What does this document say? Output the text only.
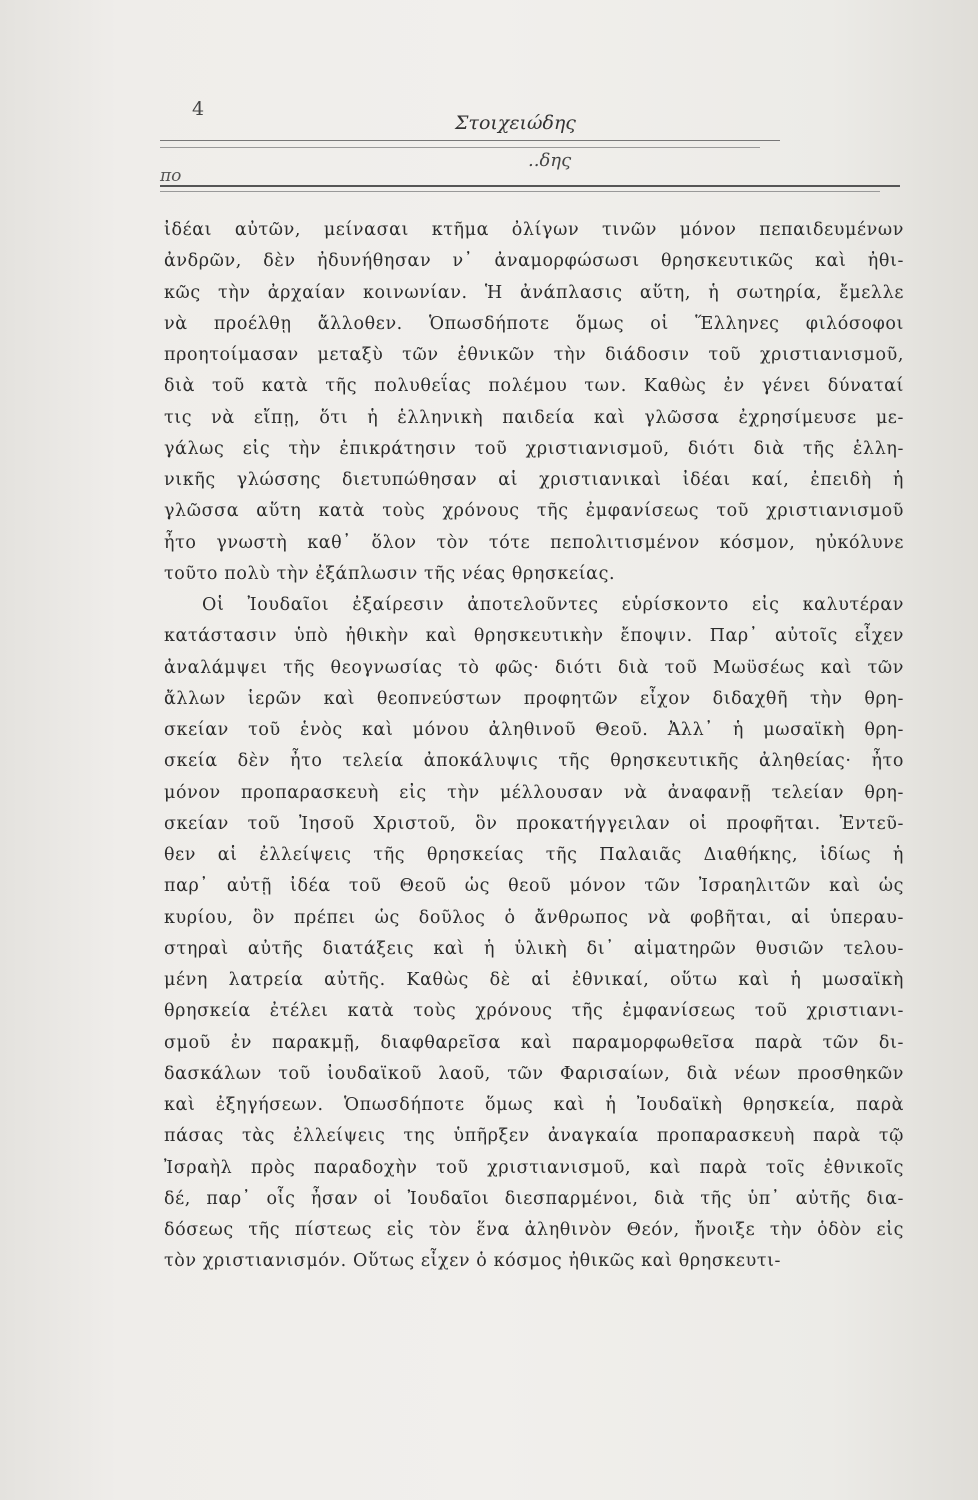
4
Στοιχειώδης
..δης
πο
ἰδέαι αὐτῶν, μείνασαι κτῆμα ὀλίγων τινῶν μόνον πεπαιδευμένων
ἀνδρῶν, δὲν ἠδυνήθησαν ν᾽ ἀναμορφώσωσι θρησκευτικῶς καὶ ἠθι-
κῶς τὴν ἀρχαίαν κοινωνίαν. Ἡ ἀνάπλασις αὕτη, ἡ σωτηρία, ἔμελλε
νὰ προέλθῃ ἄλλοθεν. Ὁπωσδήποτε ὅμως οἱ Ἕλληνες φιλόσοφοι
προητοίμασαν μεταξὺ τῶν ἐθνικῶν τὴν διάδοσιν τοῦ χριστιανισμοῦ,
διὰ τοῦ κατὰ τῆς πολυθεΐας πολέμου των. Καθὼς ἐν γένει δύναταί
τις νὰ εἴπῃ, ὅτι ἡ ἑλληνικὴ παιδεία καὶ γλῶσσα ἐχρησίμευσε με-
γάλως εἰς τὴν ἐπικράτησιν τοῦ χριστιανισμοῦ, διότι διὰ τῆς ἑλλη-
νικῆς γλώσσης διετυπώθησαν αἱ χριστιανικαὶ ἰδέαι καί, ἐπειδὴ ἡ
γλῶσσα αὕτη κατὰ τοὺς χρόνους τῆς ἐμφανίσεως τοῦ χριστιανισμοῦ
ἦτο γνωστὴ καθ᾽ ὅλον τὸν τότε πεπολιτισμένον κόσμον, ηὐκόλυνε
τοῦτο πολὺ τὴν ἐξάπλωσιν τῆς νέας θρησκείας.
Οἱ Ἰουδαῖοι ἐξαίρεσιν ἀποτελοῦντες εὑρίσκοντο εἰς καλυτέραν
κατάστασιν ὑπὸ ἠθικὴν καὶ θρησκευτικὴν ἔποψιν. Παρ᾽ αὐτοῖς εἶχεν
ἀναλάμψει τῆς θεογνωσίας τὸ φῶς· διότι διὰ τοῦ Μωϋσέως καὶ τῶν
ἄλλων ἱερῶν καὶ θεοπνεύστων προφητῶν εἶχον διδαχθῆ τὴν θρη-
σκείαν τοῦ ἑνὸς καὶ μόνου ἀληθινοῦ Θεοῦ. Ἀλλ᾽ ἡ μωσαϊκὴ θρη-
σκεία δὲν ἦτο τελεία ἀποκάλυψις τῆς θρησκευτικῆς ἀληθείας· ἦτο
μόνον προπαρασκευὴ εἰς τὴν μέλλουσαν νὰ ἀναφανῇ τελείαν θρη-
σκείαν τοῦ Ἰησοῦ Χριστοῦ, ὃν προκατήγγειλαν οἱ προφῆται. Ἐντεῦ-
θεν αἱ ἐλλείψεις τῆς θρησκείας τῆς Παλαιᾶς Διαθήκης, ἰδίως ἡ
παρ᾽ αὐτῇ ἰδέα τοῦ Θεοῦ ὡς θεοῦ μόνον τῶν Ἰσραηλιτῶν καὶ ὡς
κυρίου, ὃν πρέπει ὡς δοῦλος ὁ ἄνθρωπος νὰ φοβῆται, αἱ ὑπεραυ-
στηραὶ αὐτῆς διατάξεις καὶ ἡ ὑλικὴ δι᾽ αἱματηρῶν θυσιῶν τελου-
μένη λατρεία αὐτῆς. Καθὼς δὲ αἱ ἐθνικαί, οὕτω καὶ ἡ μωσαϊκὴ
θρησκεία ἐτέλει κατὰ τοὺς χρόνους τῆς ἐμφανίσεως τοῦ χριστιανι-
σμοῦ ἐν παρακμῇ, διαφθαρεῖσα καὶ παραμορφωθεῖσα παρὰ τῶν δι-
δασκάλων τοῦ ἰουδαϊκοῦ λαοῦ, τῶν Φαρισαίων, διὰ νέων προσθηκῶν
καὶ ἐξηγήσεων. Ὁπωσδήποτε ὅμως καὶ ἡ Ἰουδαϊκὴ θρησκεία, παρὰ
πάσας τὰς ἐλλείψεις της ὑπῆρξεν ἀναγκαία προπαρασκευὴ παρὰ τῷ
Ἰσραὴλ πρὸς παραδοχὴν τοῦ χριστιανισμοῦ, καὶ παρὰ τοῖς ἐθνικοῖς
δέ, παρ᾽ οἷς ἦσαν οἱ Ἰουδαῖοι διεσπαρμένοι, διὰ τῆς ὑπ᾽ αὐτῆς δια-
δόσεως τῆς πίστεως εἰς τὸν ἕνα ἀληθινὸν Θεόν, ἤνοιξε τὴν ὁδὸν εἰς
τὸν χριστιανισμόν. Οὕτως εἶχεν ὁ κόσμος ἠθικῶς καὶ θρησκευτι-
